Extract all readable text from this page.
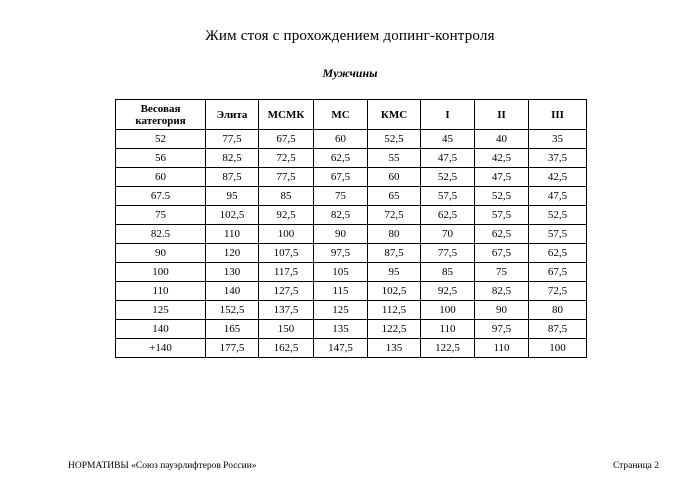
Жим стоя с прохождением допинг-контроля
Мужчины
Весовая категория	Элита	МСМК	МС	КМС	I	II	III
52	77,5	67,5	60	52,5	45	40	35
56	82,5	72,5	62,5	55	47,5	42,5	37,5
60	87,5	77,5	67,5	60	52,5	47,5	42,5
67.5	95	85	75	65	57,5	52,5	47,5
75	102,5	92,5	82,5	72,5	62,5	57,5	52,5
82.5	110	100	90	80	70	62,5	57,5
90	120	107,5	97,5	87,5	77,5	67,5	62,5
100	130	117,5	105	95	85	75	67,5
110	140	127,5	115	102,5	92,5	82,5	72,5
125	152,5	137,5	125	112,5	100	90	80
140	165	150	135	122,5	110	97,5	87,5
+140	177,5	162,5	147,5	135	122,5	110	100
НОРМАТИВЫ «Союз пауэрлифтеров России»	Страница 2
